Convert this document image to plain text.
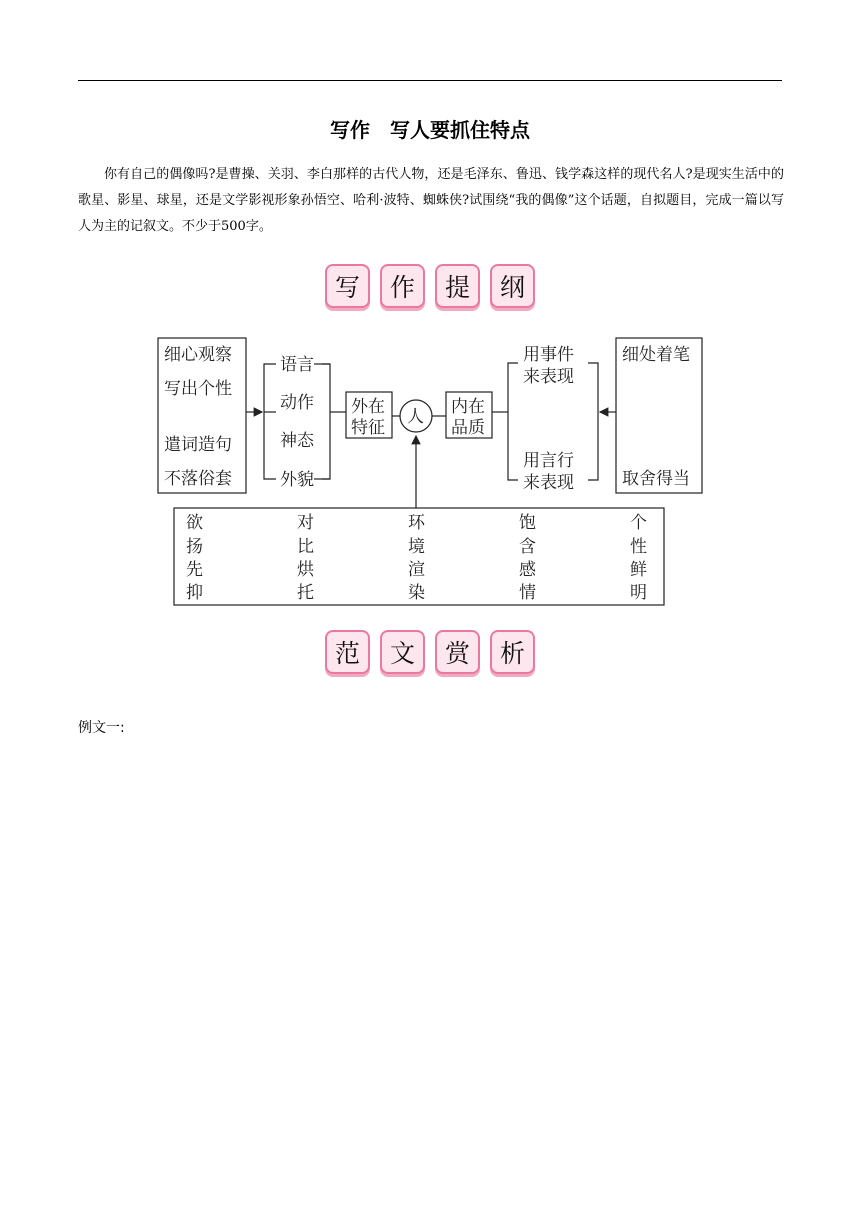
写作　写人要抓住特点
你有自己的偶像吗?是曹操、关羽、李白那样的古代人物，还是毛泽东、鲁迅、钱学森这样的现代名人?是现实生活中的歌星、影星、球星，还是文学影视形象孙悟空、哈利·波特、蜘蛛侠?试围绕“我的偶像”这个话题，自拟题目，完成一篇以写人为主的记叙文。不少于500字。
写	作	提	纲
细心观察
写出个性
遣词造句
不落俗套
语言
动作
神态
外貌
外在
特征
人 内在
品质
用事件
来表现
用言行
来表现
细处着笔
取舍得当
欲
扬
先
抑
对
比
烘
托
环
境
渲
染
饱
含
感
情
个
性
鲜
明
范	文	赏	析
例文一:
